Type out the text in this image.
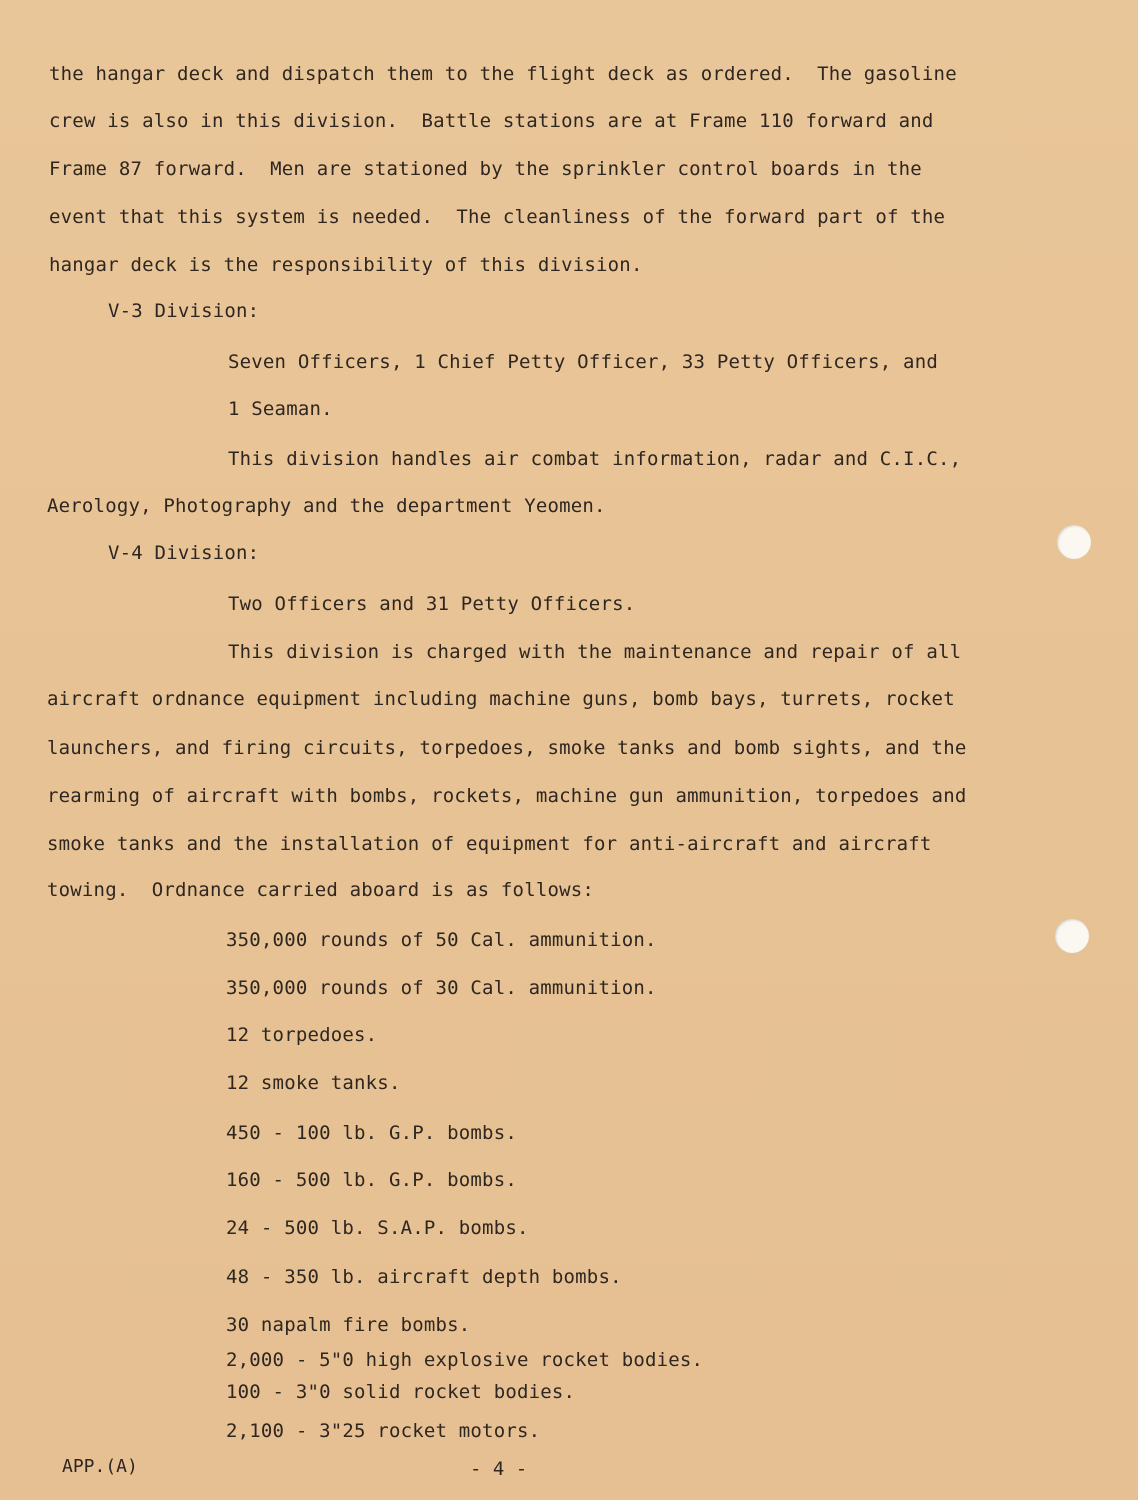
the hangar deck and dispatch them to the flight deck as ordered.  The gasoline
crew is also in this division.  Battle stations are at Frame 110 forward and
Frame 87 forward.  Men are stationed by the sprinkler control boards in the
event that this system is needed.  The cleanliness of the forward part of the
hangar deck is the responsibility of this division.
V-3 Division:
Seven Officers, 1 Chief Petty Officer, 33 Petty Officers, and
1 Seaman.
This division handles air combat information, radar and C.I.C.,
Aerology, Photography and the department Yeomen.
V-4 Division:
Two Officers and 31 Petty Officers.
This division is charged with the maintenance and repair of all
aircraft ordnance equipment including machine guns, bomb bays, turrets, rocket
launchers, and firing circuits, torpedoes, smoke tanks and bomb sights, and the
rearming of aircraft with bombs, rockets, machine gun ammunition, torpedoes and
smoke tanks and the installation of equipment for anti-aircraft and aircraft
towing.  Ordnance carried aboard is as follows:
350,000 rounds of 50 Cal. ammunition.
350,000 rounds of 30 Cal. ammunition.
12 torpedoes.
12 smoke tanks.
450 - 100 lb. G.P. bombs.
160 - 500 lb. G.P. bombs.
24 - 500 lb. S.A.P. bombs.
48 - 350 lb. aircraft depth bombs.
30 napalm fire bombs.
2,000 - 5"0 high explosive rocket bodies.
100 - 3"0 solid rocket bodies.
2,100 - 3"25 rocket motors.
APP.(A)	- 4 -
